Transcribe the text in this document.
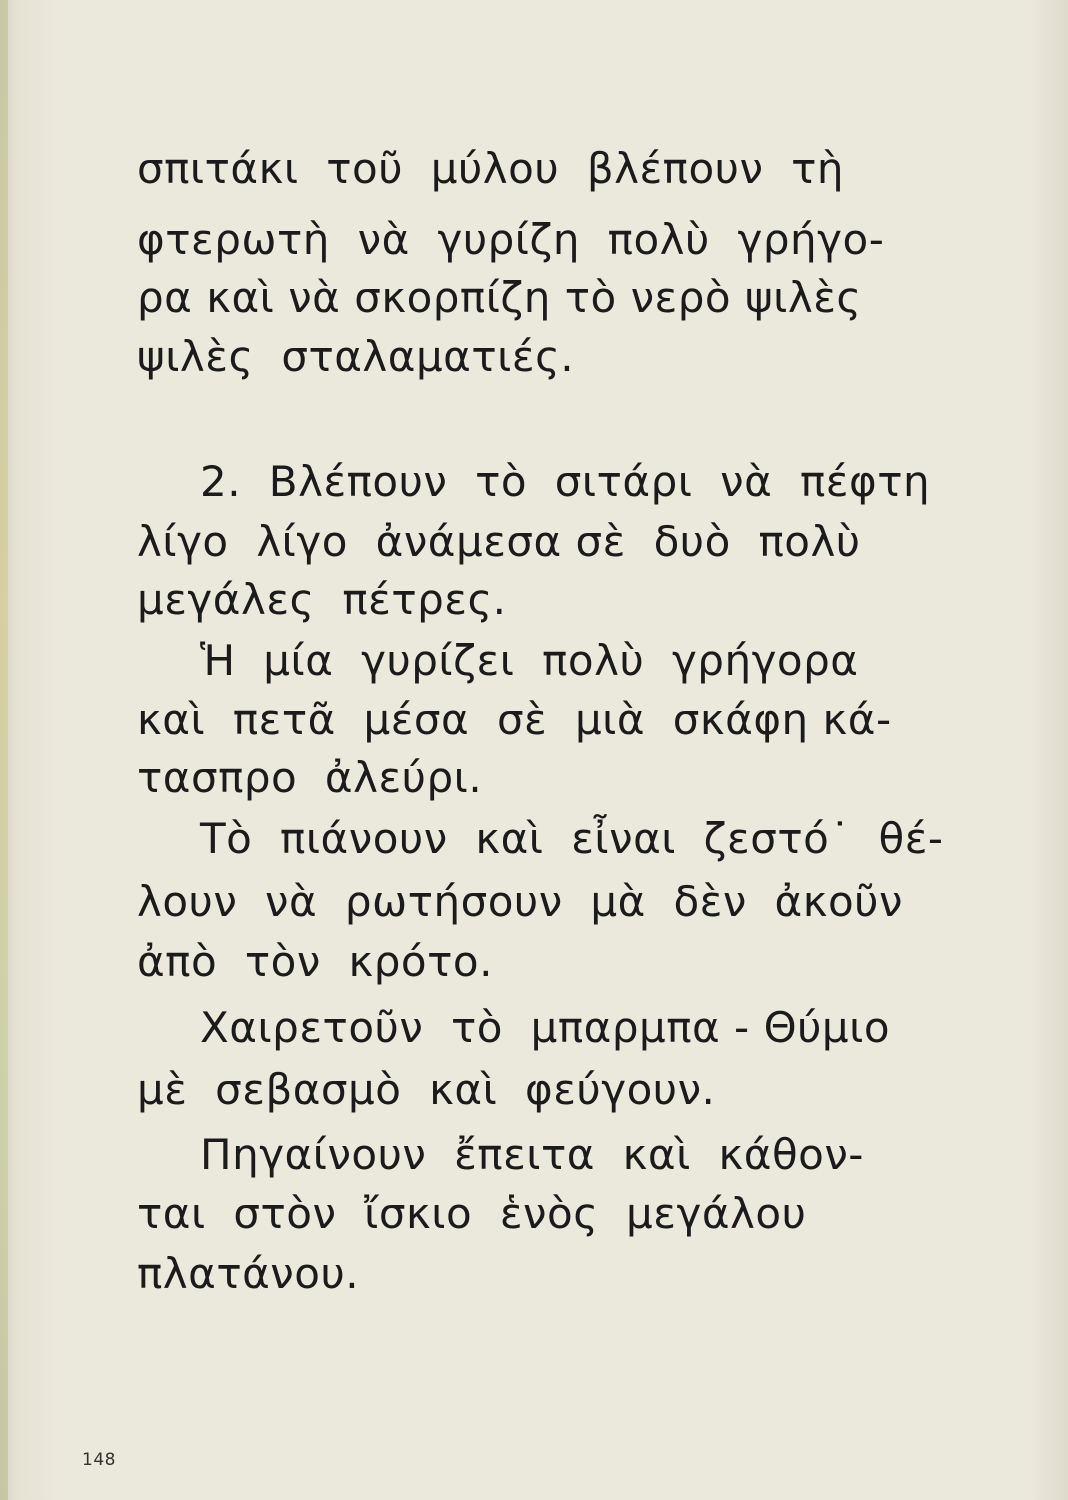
σπιτάκι  τοῦ  μύλου  βλέπουν  τὴ
φτερωτὴ  νὰ  γυρίζη  πολὺ  γρήγο-
ρα καὶ νὰ σκορπίζη τὸ νερὸ ψιλὲς
ψιλὲς  σταλαματιές.
2.  Βλέπουν  τὸ  σιτάρι  νὰ  πέφτη
λίγο  λίγο  ἀνάμεσα σὲ  δυὸ  πολὺ
μεγάλες  πέτρες.
Ἡ  μία  γυρίζει  πολὺ  γρήγορα
καὶ  πετᾶ  μέσα  σὲ  μιὰ  σκάφη κά-
τασπρο  ἀλεύρι.
Τὸ  πιάνουν  καὶ  εἶναι  ζεστό˙  θέ-
λουν  νὰ  ρωτήσουν  μὰ  δὲν  ἀκοῦν
ἀπὸ  τὸν  κρότο.
Χαιρετοῦν  τὸ  μπαρμπα - Θύμιο
μὲ  σεβασμὸ  καὶ  φεύγουν.
Πηγαίνουν  ἔπειτα  καὶ  κάθον-
ται  στὸν  ἴσκιο  ἑνὸς  μεγάλου
πλατάνου.
148
